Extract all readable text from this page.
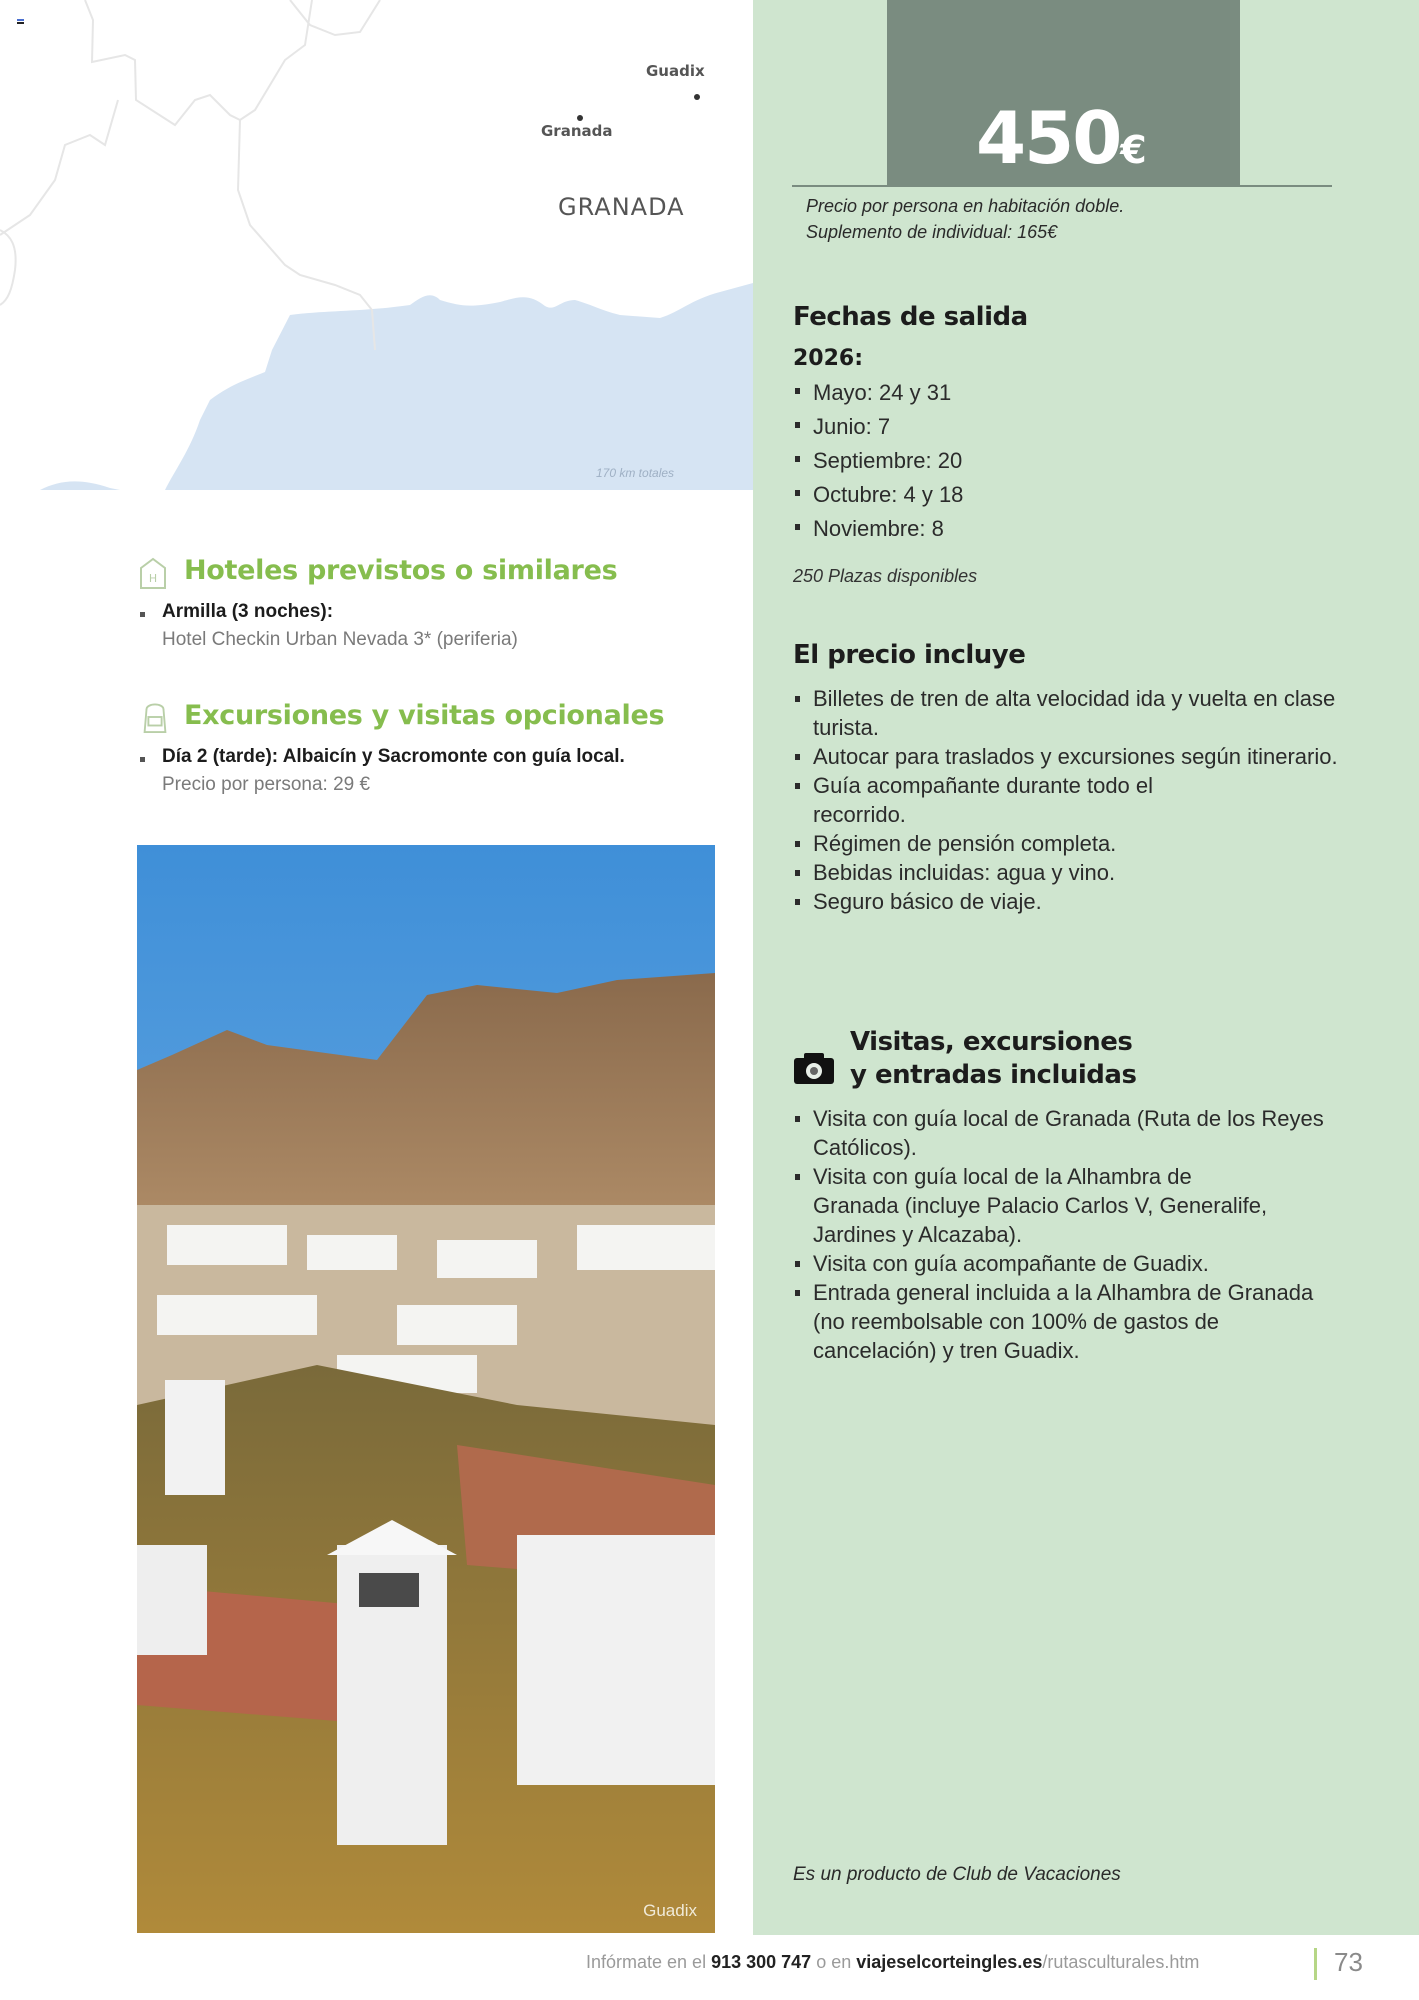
Guadix
Granada
GRANADA
170 km totales
450€
Precio por persona en habitación doble.
Suplemento de individual: 165€
Fechas de salida
2026:
Mayo: 24 y 31
Junio: 7
Septiembre: 20
Octubre: 4 y 18
Noviembre: 8
250 Plazas disponibles
El precio incluye
Billetes de tren de alta velocidad ida y vuelta en clase turista.
Autocar para traslados y excursiones según itinerario.
Guía acompañante durante todo el recorrido.
Régimen de pensión completa.
Bebidas incluidas: agua y vino.
Seguro básico de viaje.
Visitas, excursiones
y entradas incluidas
Visita con guía local de Granada (Ruta de los Reyes Católicos).
Visita con guía local de la Alhambra de Granada (incluye Palacio Carlos V, Generalife, Jardines y Alcazaba).
Visita con guía acompañante de Guadix.
Entrada general incluida a la Alhambra de Granada (no reembolsable con 100% de gastos de cancelación) y tren Guadix.
Es un producto de Club de Vacaciones
H Hoteles previstos o similares
Armilla (3 noches):
Hotel Checkin Urban Nevada 3* (periferia)
Excursiones y visitas opcionales
Día 2 (tarde): Albaicín y Sacromonte con guía local.
Precio por persona: 29 €
Guadix
Infórmate en el 913 300 747 o en viajeselcorteingles.es/rutasculturales.htm	73
